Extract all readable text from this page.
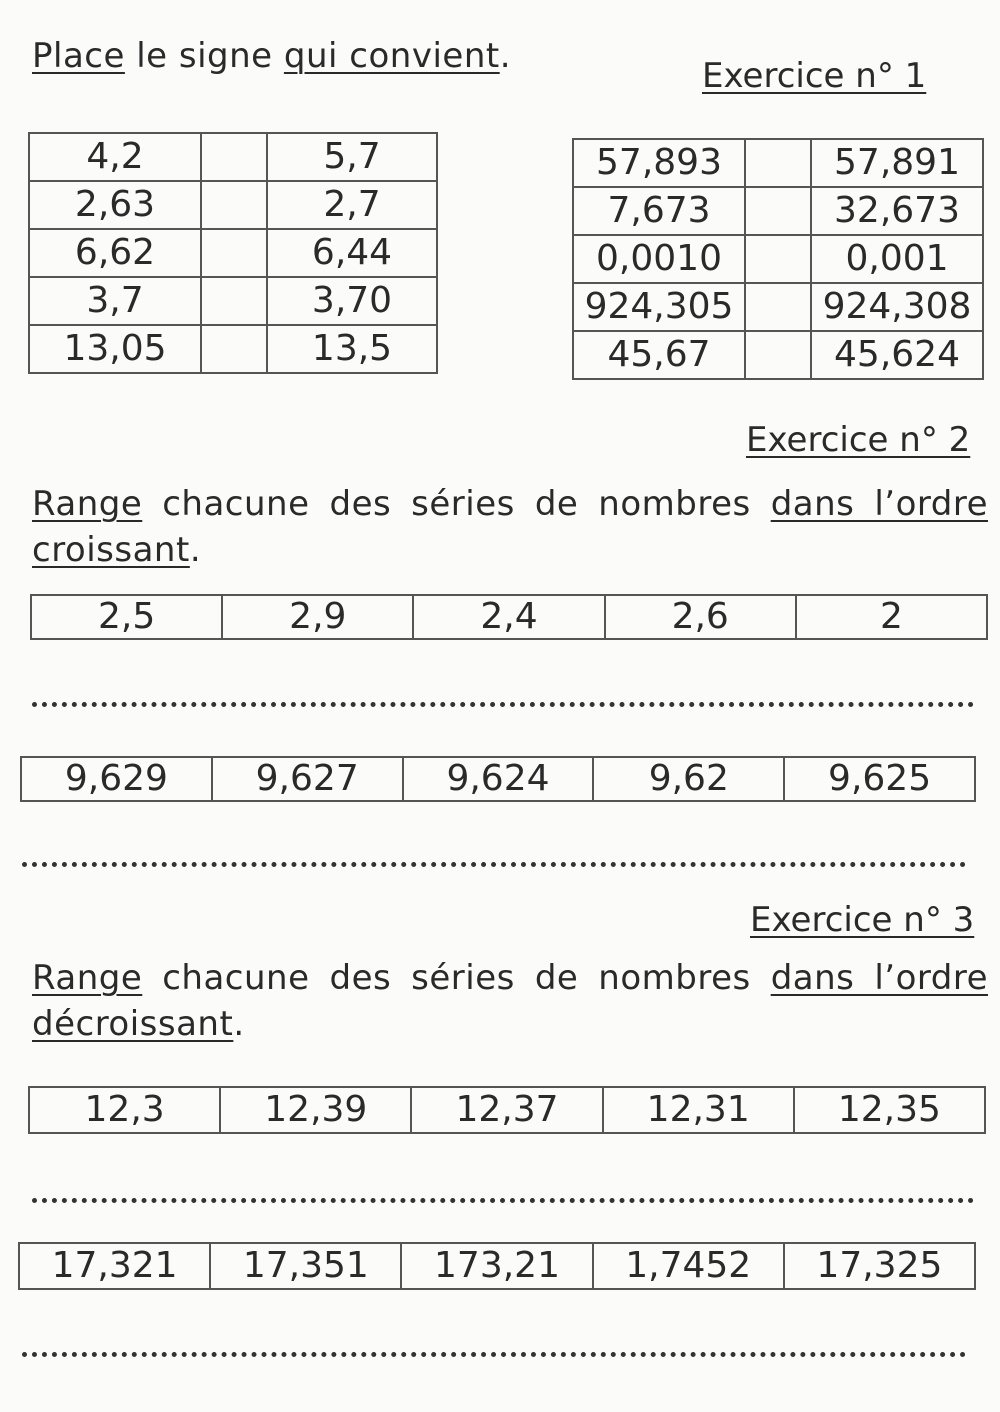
Place le signe qui convient.	Exercice n° 1
4,2		5,7
2,63		2,7
6,62		6,44
3,7		3,70
13,05		13,5
57,893		57,891
7,673		32,673
0,0010		0,001
924,305		924,308
45,67		45,624
Exercice n° 2
Range chacune des séries de nombres dans l’ordre
croissant.
2,5	2,9	2,4	2,6	2
9,629	9,627	9,624	9,62	9,625
Exercice n° 3
Range chacune des séries de nombres dans l’ordre
décroissant.
12,3	12,39	12,37	12,31	12,35
17,321	17,351	173,21	1,7452	17,325
